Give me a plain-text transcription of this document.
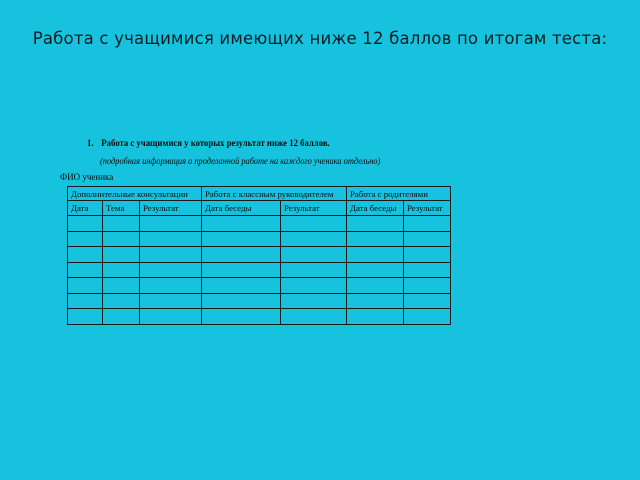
Работа с учащимися имеющих ниже 12 баллов по итогам теста:
1. Работа с учащимися у которых результат ниже 12 баллов.
(подробная информация о проделанной работе на каждого ученика отдельно)
ФИО ученика
Дополнительные консультации			Работа с классным руководителем		Работа с родителями	
Дата	Тема	Результат	Дата беседы	Результат	Дата беседы	Результат
